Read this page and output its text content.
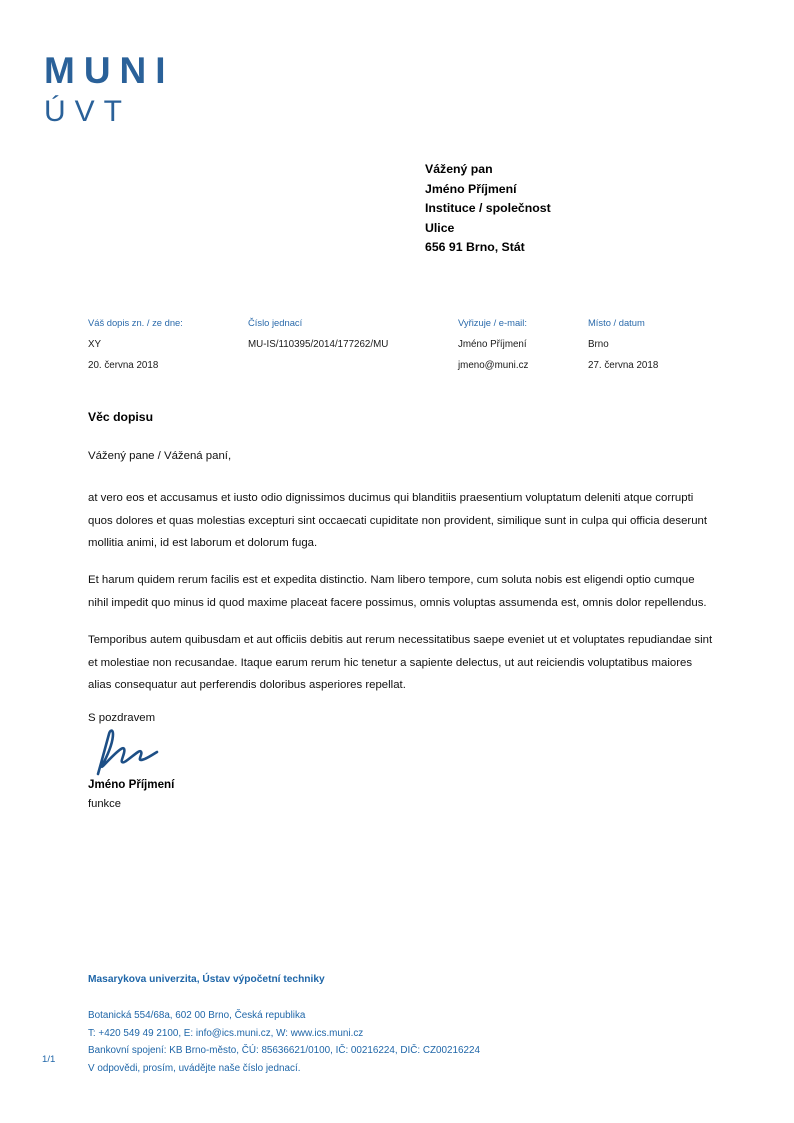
MUNI
ÚVT
Vážený pan
Jméno Příjmení
Instituce / společnost
Ulice
656 91 Brno, Stát
Váš dopis zn. / ze dne:
XY
20. června 2018
Číslo jednací
MU-IS/110395/2014/177262/MU
Vyřizuje / e-mail:
Jméno Příjmení
jmeno@muni.cz
Místo / datum
Brno
27. června 2018
Věc dopisu
Vážený pane / Vážená paní,

at vero eos et accusamus et iusto odio dignissimos ducimus qui blanditiis praesentium voluptatum deleniti atque corrupti quos dolores et quas molestias excepturi sint occaecati cupiditate non provident, similique sunt in culpa qui officia deserunt mollitia animi, id est laborum et dolorum fuga.

Et harum quidem rerum facilis est et expedita distinctio. Nam libero tempore, cum soluta nobis est eligendi optio cumque nihil impedit quo minus id quod maxime placeat facere possimus, omnis voluptas assumenda est, omnis dolor repellendus.

Temporibus autem quibusdam et aut officiis debitis aut rerum necessitatibus saepe eveniet ut et voluptates repudiandae sint et molestiae non recusandae. Itaque earum rerum hic tenetur a sapiente delectus, ut aut reiciendis voluptatibus maiores alias consequatur aut perferendis doloribus asperiores repellat.

S pozdravem
Jméno Příjmení
funkce
Masarykova univerzita, Ústav výpočetní techniky
Botanická 554/68a, 602 00 Brno, Česká republika
T: +420 549 49 2100, E: info@ics.muni.cz, W: www.ics.muni.cz
Bankovní spojení: KB Brno-město, ČÚ: 85636621/0100, IČ: 00216224, DIČ: CZ00216224
V odpovědi, prosím, uvádějte naše číslo jednací.
1/1
